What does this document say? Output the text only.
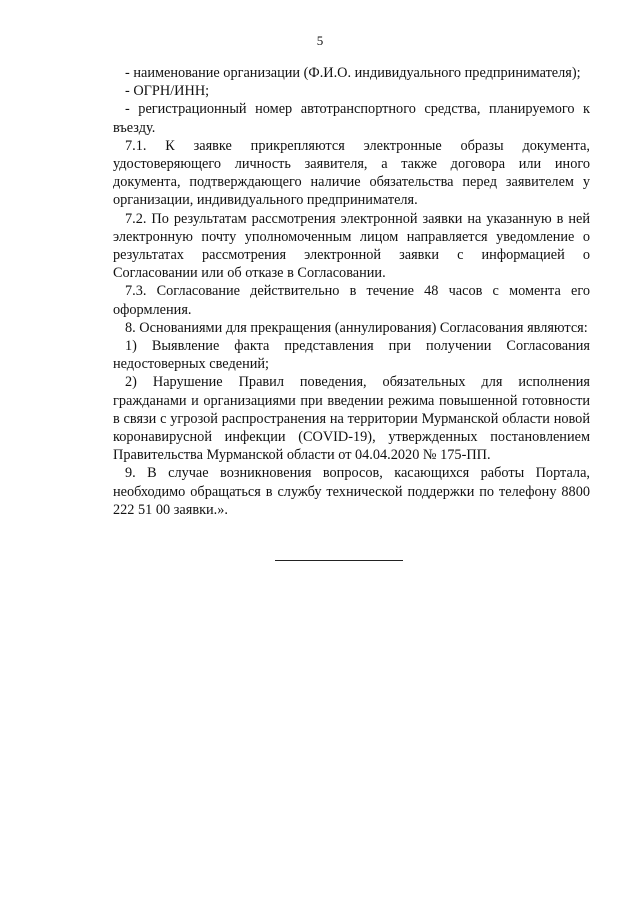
5

- наименование организации (Ф.И.О. индивидуального предпринимателя);

- ОГРН/ИНН;

- регистрационный номер автотранспортного средства, планируемого к въезду.

7.1. К заявке прикрепляются электронные образы документа, удостоверяющего личность заявителя, а также договора или иного документа, подтверждающего наличие обязательства перед заявителем у организации, индивидуального предпринимателя.

7.2. По результатам рассмотрения электронной заявки на указанную в ней электронную почту уполномоченным лицом направляется уведомление о результатах рассмотрения электронной заявки с информацией о Согласовании или об отказе в Согласовании.

7.3. Согласование действительно в течение 48 часов с момента его оформления.

8. Основаниями для прекращения (аннулирования) Согласования являются:

1) Выявление факта представления при получении Согласования недостоверных сведений;

2) Нарушение Правил поведения, обязательных для исполнения гражданами и организациями при введении режима повышенной готовности в связи с угрозой распространения на территории Мурманской области новой коронавирусной инфекции (COVID-19), утвержденных постановлением Правительства Мурманской области от 04.04.2020 № 175-ПП.

9. В случае возникновения вопросов, касающихся работы Портала, необходимо обращаться в службу технической поддержки по телефону 8800 222 51 00 заявки.».
